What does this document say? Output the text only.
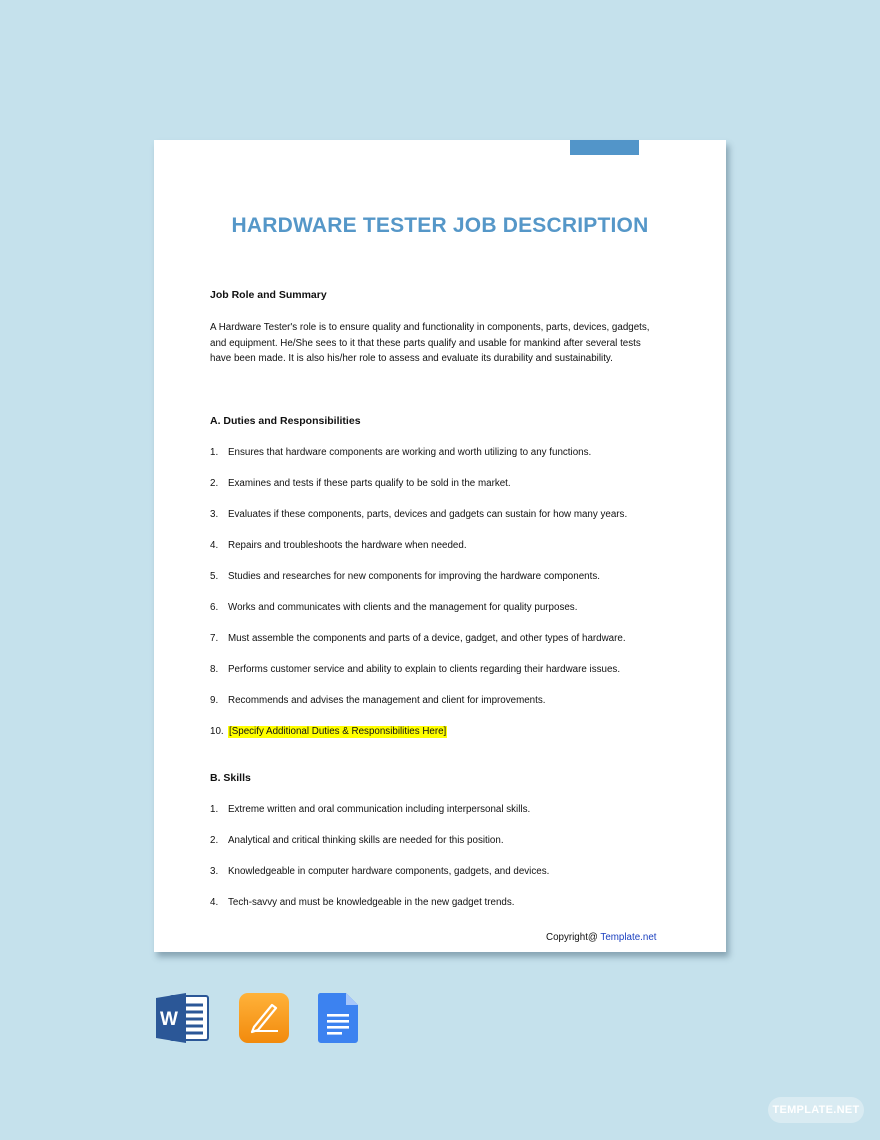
HARDWARE TESTER JOB DESCRIPTION
Job Role and Summary

A Hardware Tester's role is to ensure quality and functionality in components, parts, devices, gadgets, and equipment. He/She sees to it that these parts qualify and usable for mankind after several tests have been made. It is also his/her role to assess and evaluate its durability and sustainability.

A. Duties and Responsibilities
1. Ensures that hardware components are working and worth utilizing to any functions.
2. Examines and tests if these parts qualify to be sold in the market.
3. Evaluates if these components, parts, devices and gadgets can sustain for how many years.
4. Repairs and troubleshoots the hardware when needed.
5. Studies and researches for new components for improving the hardware components.
6. Works and communicates with clients and the management for quality purposes.
7. Must assemble the components and parts of a device, gadget, and other types of hardware.
8. Performs customer service and ability to explain to clients regarding their hardware issues.
9. Recommends and advises the management and client for improvements.
10. [Specify Additional Duties & Responsibilities Here]
B. Skills
1. Extreme written and oral communication including interpersonal skills.
2. Analytical and critical thinking skills are needed for this position.
3. Knowledgeable in computer hardware components, gadgets, and devices.
4. Tech-savvy and must be knowledgeable in the new gadget trends.
Copyright@ Template.net
W
TEMPLATE.NET
